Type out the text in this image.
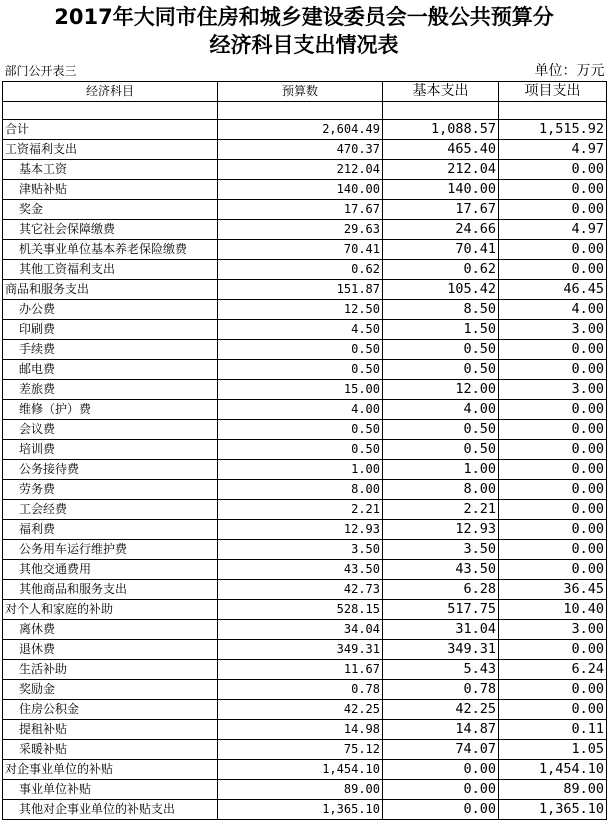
2017年大同市住房和城乡建设委员会一般公共预算分
经济科目支出情况表
部门公开表三			单位：万元
经济科目	预算数	基本支出	项目支出

合计	2,604.49	1,088.57	1,515.92
工资福利支出	470.37	465.40	4.97
基本工资	212.04	212.04	0.00
津贴补贴	140.00	140.00	0.00
奖金	17.67	17.67	0.00
其它社会保障缴费	29.63	24.66	4.97
机关事业单位基本养老保险缴费	70.41	70.41	0.00
其他工资福利支出	0.62	0.62	0.00
商品和服务支出	151.87	105.42	46.45
办公费	12.50	8.50	4.00
印刷费	4.50	1.50	3.00
手续费	0.50	0.50	0.00
邮电费	0.50	0.50	0.00
差旅费	15.00	12.00	3.00
维修（护）费	4.00	4.00	0.00
会议费	0.50	0.50	0.00
培训费	0.50	0.50	0.00
公务接待费	1.00	1.00	0.00
劳务费	8.00	8.00	0.00
工会经费	2.21	2.21	0.00
福利费	12.93	12.93	0.00
公务用车运行维护费	3.50	3.50	0.00
其他交通费用	43.50	43.50	0.00
其他商品和服务支出	42.73	6.28	36.45
对个人和家庭的补助	528.15	517.75	10.40
离休费	34.04	31.04	3.00
退休费	349.31	349.31	0.00
生活补助	11.67	5.43	6.24
奖励金	0.78	0.78	0.00
住房公积金	42.25	42.25	0.00
提租补贴	14.98	14.87	0.11
采暖补贴	75.12	74.07	1.05
对企事业单位的补贴	1,454.10	0.00	1,454.10
事业单位补贴	89.00	0.00	89.00
其他对企事业单位的补贴支出	1,365.10	0.00	1,365.10
